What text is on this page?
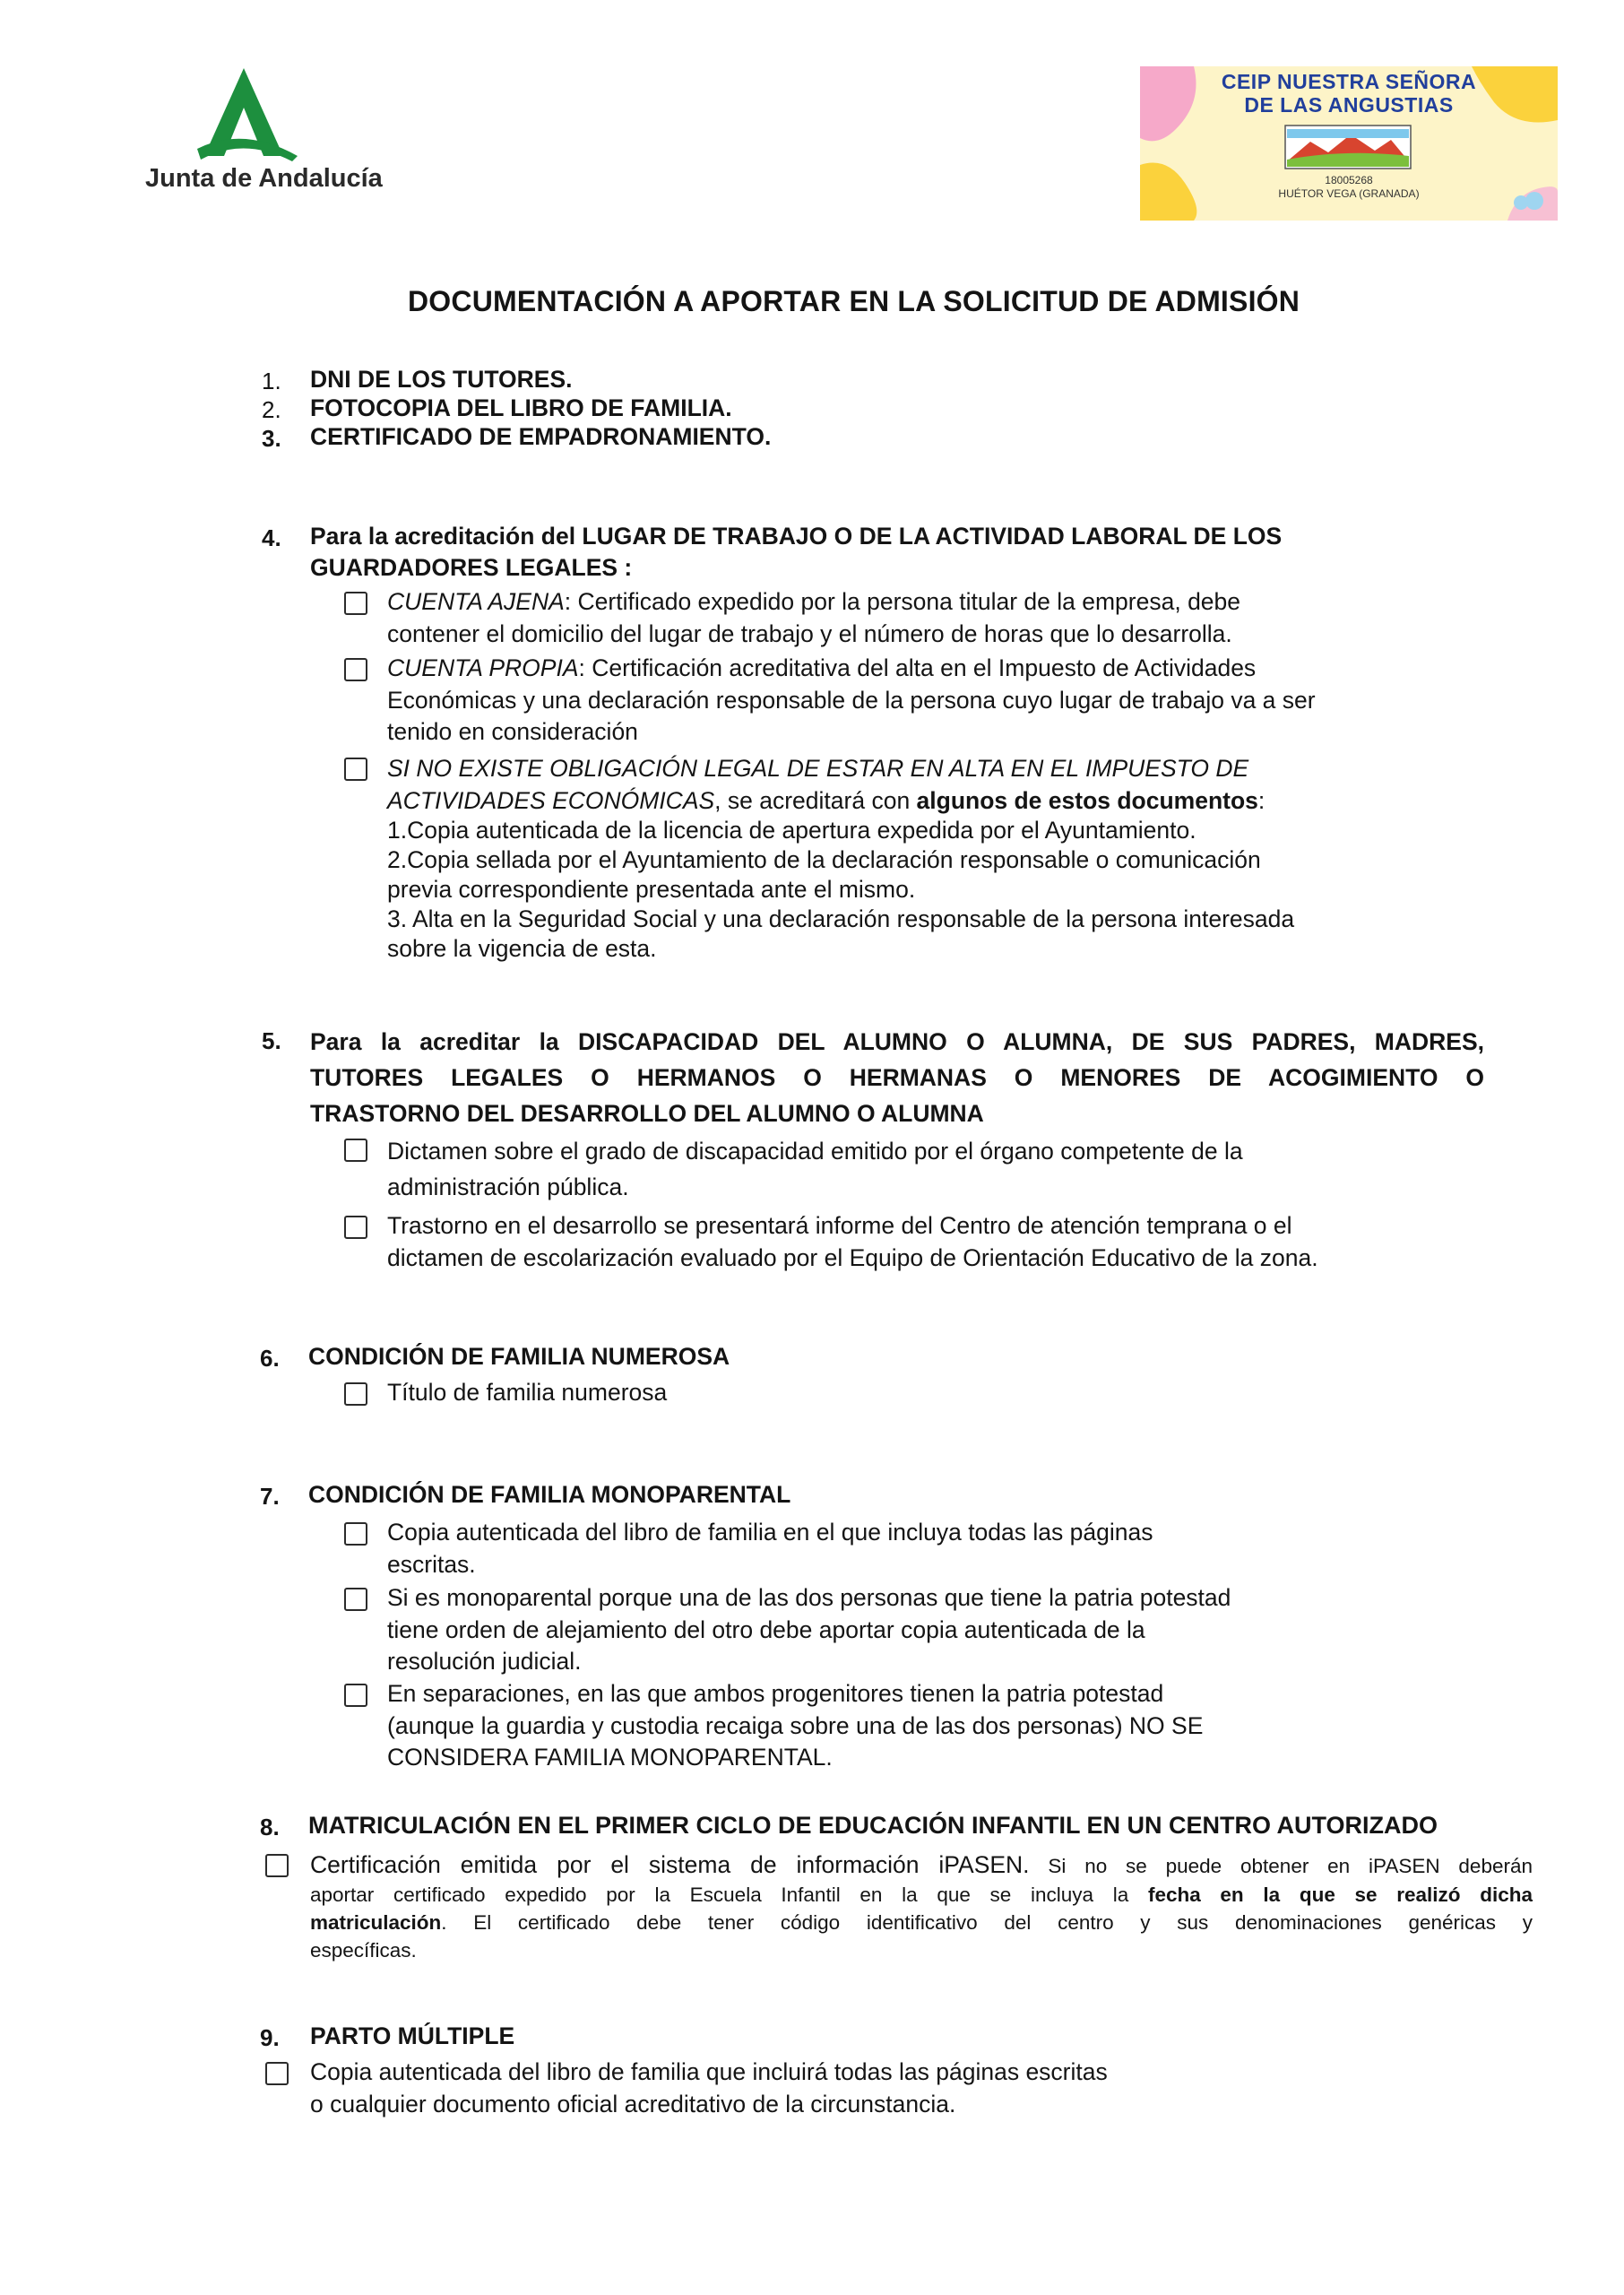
Junta de Andalucía
CEIP NUESTRA SEÑORA
DE LAS ANGUSTIAS
18005268
HUÉTOR VEGA (GRANADA)
DOCUMENTACIÓN A APORTAR EN LA SOLICITUD DE ADMISIÓN
1. DNI DE LOS TUTORES.
2. FOTOCOPIA DEL LIBRO DE FAMILIA.
3. CERTIFICADO DE EMPADRONAMIENTO.
4. Para la acreditación del LUGAR DE TRABAJO O DE LA ACTIVIDAD LABORAL DE LOS
GUARDADORES LEGALES :
CUENTA AJENA: Certificado expedido por la persona titular de la empresa, debe
contener el domicilio del lugar de trabajo y el número de horas que lo desarrolla.
CUENTA PROPIA: Certificación acreditativa del alta en el Impuesto de Actividades
Económicas y una declaración responsable de la persona cuyo lugar de trabajo va a ser
tenido en consideración
SI NO EXISTE OBLIGACIÓN LEGAL DE ESTAR EN ALTA EN EL IMPUESTO DE
ACTIVIDADES ECONÓMICAS, se acreditará con algunos de estos documentos:
1.Copia autenticada de la licencia de apertura expedida por el Ayuntamiento.
2.Copia sellada por el Ayuntamiento de la declaración responsable o comunicación
previa correspondiente presentada ante el mismo.
3. Alta en la Seguridad Social y una declaración responsable de la persona interesada
sobre la vigencia de esta.
5. Para la acreditar la DISCAPACIDAD DEL ALUMNO O ALUMNA, DE SUS PADRES, MADRES,
TUTORES LEGALES O HERMANOS O HERMANAS O MENORES DE ACOGIMIENTO O
TRASTORNO DEL DESARROLLO DEL ALUMNO O ALUMNA
Dictamen sobre el grado de discapacidad emitido por el órgano competente de la
administración pública.
Trastorno en el desarrollo se presentará informe del Centro de atención temprana o el
dictamen de escolarización evaluado por el Equipo de Orientación Educativo de la zona.
6. CONDICIÓN DE FAMILIA NUMEROSA
Título de familia numerosa
7. CONDICIÓN DE FAMILIA MONOPARENTAL
Copia autenticada del libro de familia en el que incluya todas las páginas
escritas.
Si es monoparental porque una de las dos personas que tiene la patria potestad
tiene orden de alejamiento del otro debe aportar copia autenticada de la
resolución judicial.
En separaciones, en las que ambos progenitores tienen la patria potestad
(aunque la guardia y custodia recaiga sobre una de las dos personas) NO SE
CONSIDERA FAMILIA MONOPARENTAL.
8. MATRICULACIÓN EN EL PRIMER CICLO DE EDUCACIÓN INFANTIL EN UN CENTRO AUTORIZADO
Certificación emitida por el sistema de información iPASEN. Si no se puede obtener en iPASEN deberán
aportar certificado expedido por la Escuela Infantil en la que se incluya la fecha en la que se realizó dicha
matriculación. El certificado debe tener código identificativo del centro y sus denominaciones genéricas y
específicas.
9. PARTO MÚLTIPLE
Copia autenticada del libro de familia que incluirá todas las páginas escritas
o cualquier documento oficial acreditativo de la circunstancia.
